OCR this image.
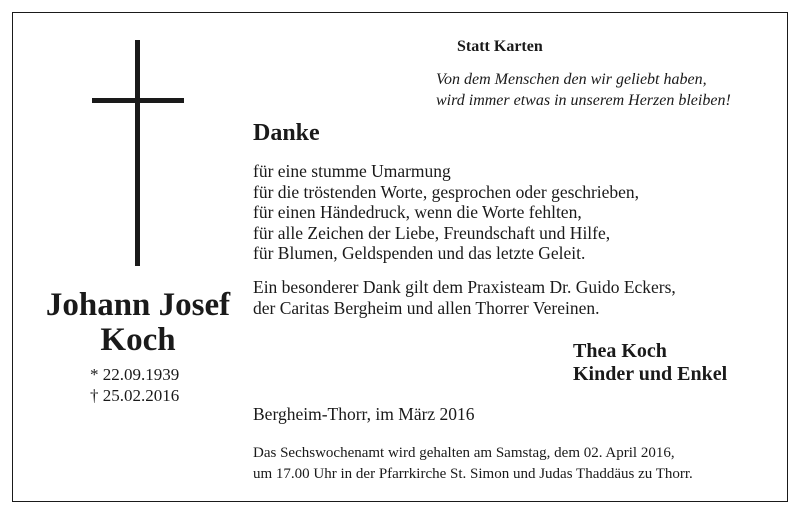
Johann Josef
Koch
* 22.09.1939
† 25.02.2016
Statt Karten
Von dem Menschen den wir geliebt haben,
wird immer etwas in unserem Herzen bleiben!
Danke
für eine stumme Umarmung
für die tröstenden Worte, gesprochen oder geschrieben,
für einen Händedruck, wenn die Worte fehlten,
für alle Zeichen der Liebe, Freundschaft und Hilfe,
für Blumen, Geldspenden und das letzte Geleit.
Ein besonderer Dank gilt dem Praxisteam Dr. Guido Eckers,
der Caritas Bergheim und allen Thorrer Vereinen.
Thea Koch
Kinder und Enkel
Bergheim-Thorr, im März 2016
Das Sechswochenamt wird gehalten am Samstag, dem 02. April 2016,
um 17.00 Uhr in der Pfarrkirche St. Simon und Judas Thaddäus zu Thorr.
